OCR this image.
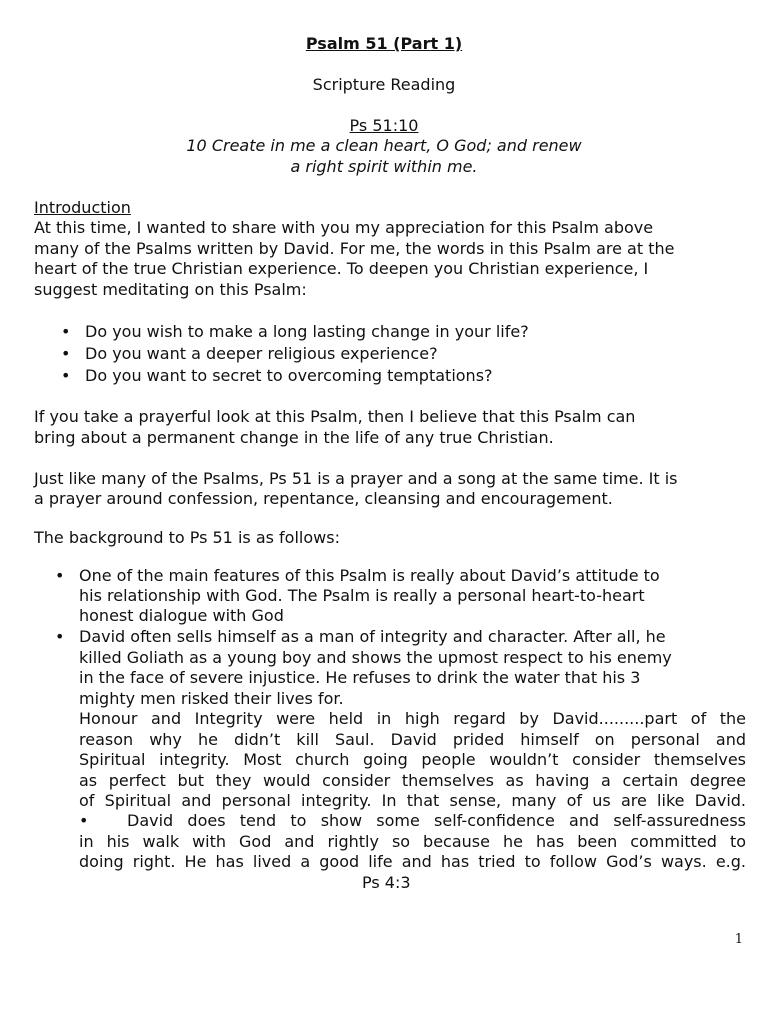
Psalm 51 (Part 1)
Scripture Reading
Ps 51:10
10 Create in me a clean heart, O God; and renew
a right spirit within me.
Introduction
At this time, I wanted to share with you my appreciation for this Psalm above
many of the Psalms written by David. For me, the words in this Psalm are at the
heart of the true Christian experience. To deepen you Christian experience, I
suggest meditating on this Psalm:
• Do you wish to make a long lasting change in your life?
• Do you want a deeper religious experience?
• Do you want to secret to overcoming temptations?
If you take a prayerful look at this Psalm, then I believe that this Psalm can
bring about a permanent change in the life of any true Christian.
Just like many of the Psalms, Ps 51 is a prayer and a song at the same time. It is
a prayer around confession, repentance, cleansing and encouragement.
The background to Ps 51 is as follows:
• One of the main features of this Psalm is really about David’s attitude to
his relationship with God. The Psalm is really a personal heart-to-heart
honest dialogue with God
• David often sells himself as a man of integrity and character. After all, he
killed Goliath as a young boy and shows the upmost respect to his enemy
in the face of severe injustice. He refuses to drink the water that his 3
mighty men risked their lives for.
Honour and Integrity were held in high regard by David.........part of the
reason why he didn’t kill Saul. David prided himself on personal and
Spiritual integrity. Most church going people wouldn’t consider themselves
as perfect but they would consider themselves as having a certain degree
of Spiritual and personal integrity. In that sense, many of us are like David.
• David does tend to show some self-confidence and self-assuredness
in his walk with God and rightly so because he has been committed to
doing right. He has lived a good life and has tried to follow God’s ways. e.g.
Ps 4:3
1
